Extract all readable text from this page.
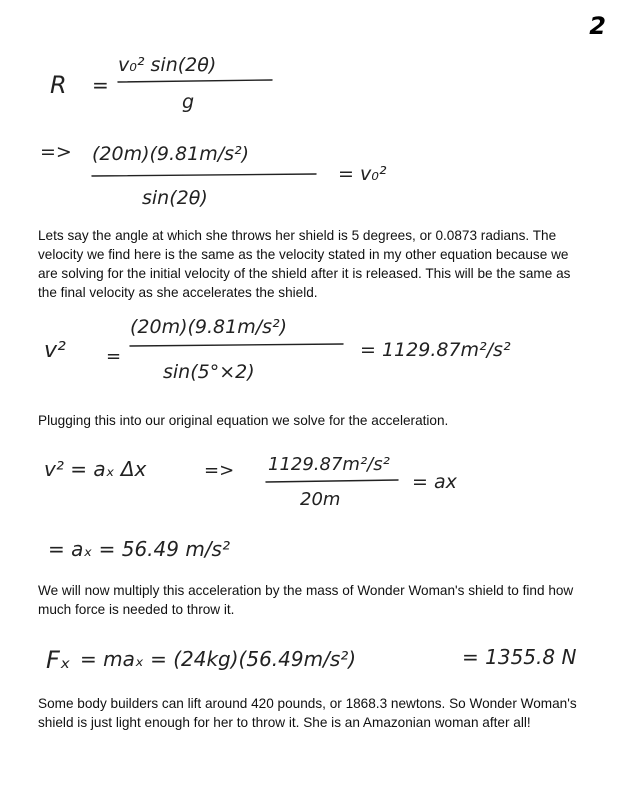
2
R =
v₀² sin(2θ)
g
=> (20m)(9.81m/s²)
sin(2θ)
= v₀²
v² =
(20m)(9.81m/s²)
sin(5°×2)
= 1129.87m²/s²
v² = aₓ Δx	=> 1129.87m²/s²
20m
= ax
= aₓ = 56.49 m/s²
Fₓ = maₓ = (24kg)(56.49m/s²)	= 1355.8 N
Lets say the angle at which she throws her shield is 5 degrees, or 0.0873 radians. The velocity we find here is the same as the velocity stated in my other equation because we are solving for the initial velocity of the shield after it is released. This will be the same as the final velocity as she accelerates the shield.
Plugging this into our original equation we solve for the acceleration.
We will now multiply this acceleration by the mass of Wonder Woman's shield to find how much force is needed to throw it.
Some body builders can lift around 420 pounds, or 1868.3 newtons. So Wonder Woman's shield is just light enough for her to throw it. She is an Amazonian woman after all!
